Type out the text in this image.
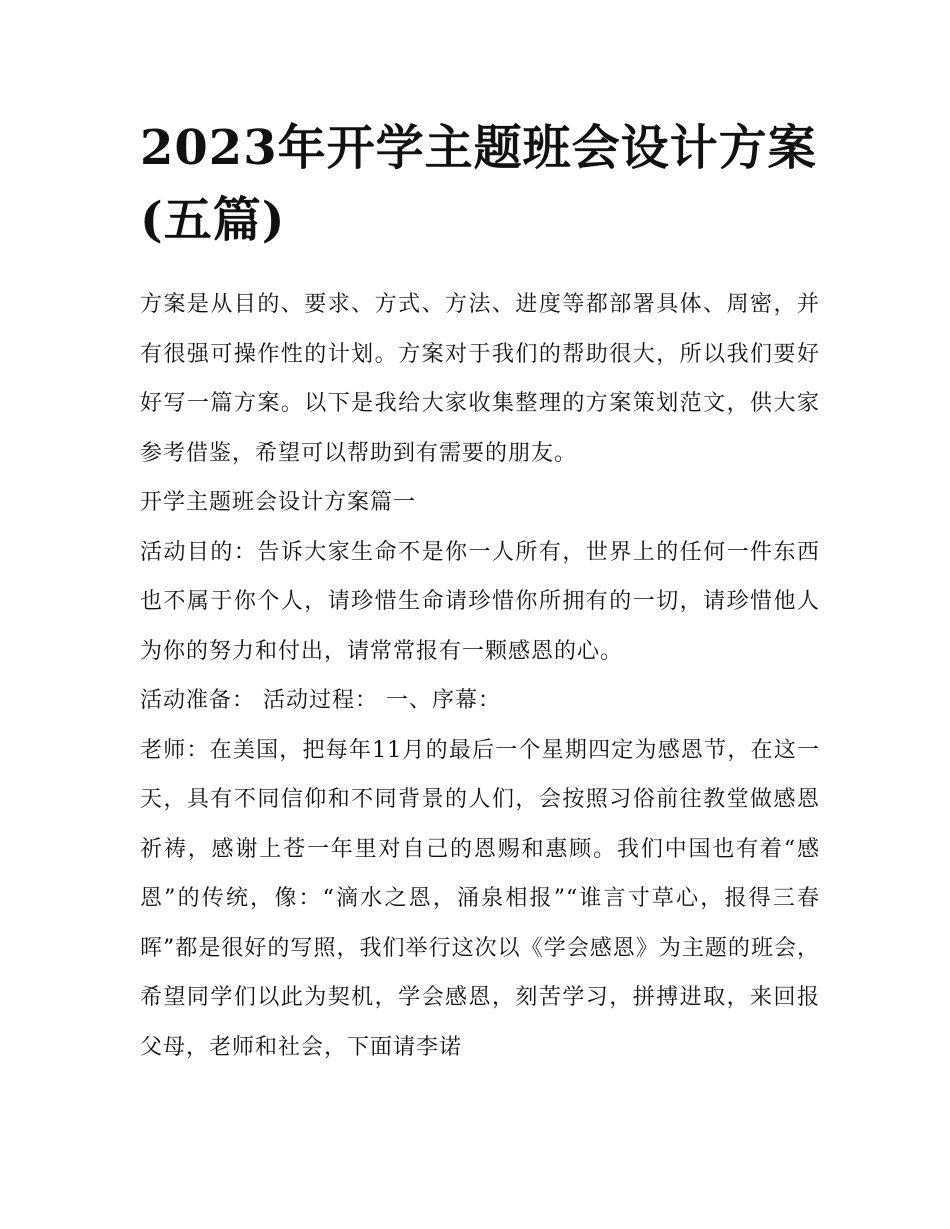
2023年开学主题班会设计方案(五篇)

方案是从目的、要求、方式、方法、进度等都部署具体、周密，并有很强可操作性的计划。方案对于我们的帮助很大，所以我们要好好写一篇方案。以下是我给大家收集整理的方案策划范文，供大家参考借鉴，希望可以帮助到有需要的朋友。

开学主题班会设计方案篇一

活动目的：告诉大家生命不是你一人所有，世界上的任何一件东西也不属于你个人，请珍惜生命请珍惜你所拥有的一切，请珍惜他人为你的努力和付出，请常常报有一颗感恩的心。

活动准备： 活动过程： 一、序幕：

老师：在美国，把每年11月的最后一个星期四定为感恩节，在这一天，具有不同信仰和不同背景的人们，会按照习俗前往教堂做感恩祈祷，感谢上苍一年里对自己的恩赐和惠顾。我们中国也有着“感恩”的传统，像：“滴水之恩，涌泉相报”“谁言寸草心，报得三春晖”都是很好的写照，我们举行这次以《学会感恩》为主题的班会，希望同学们以此为契机，学会感恩，刻苦学习，拼搏进取，来回报父母，老师和社会，下面请李诺
